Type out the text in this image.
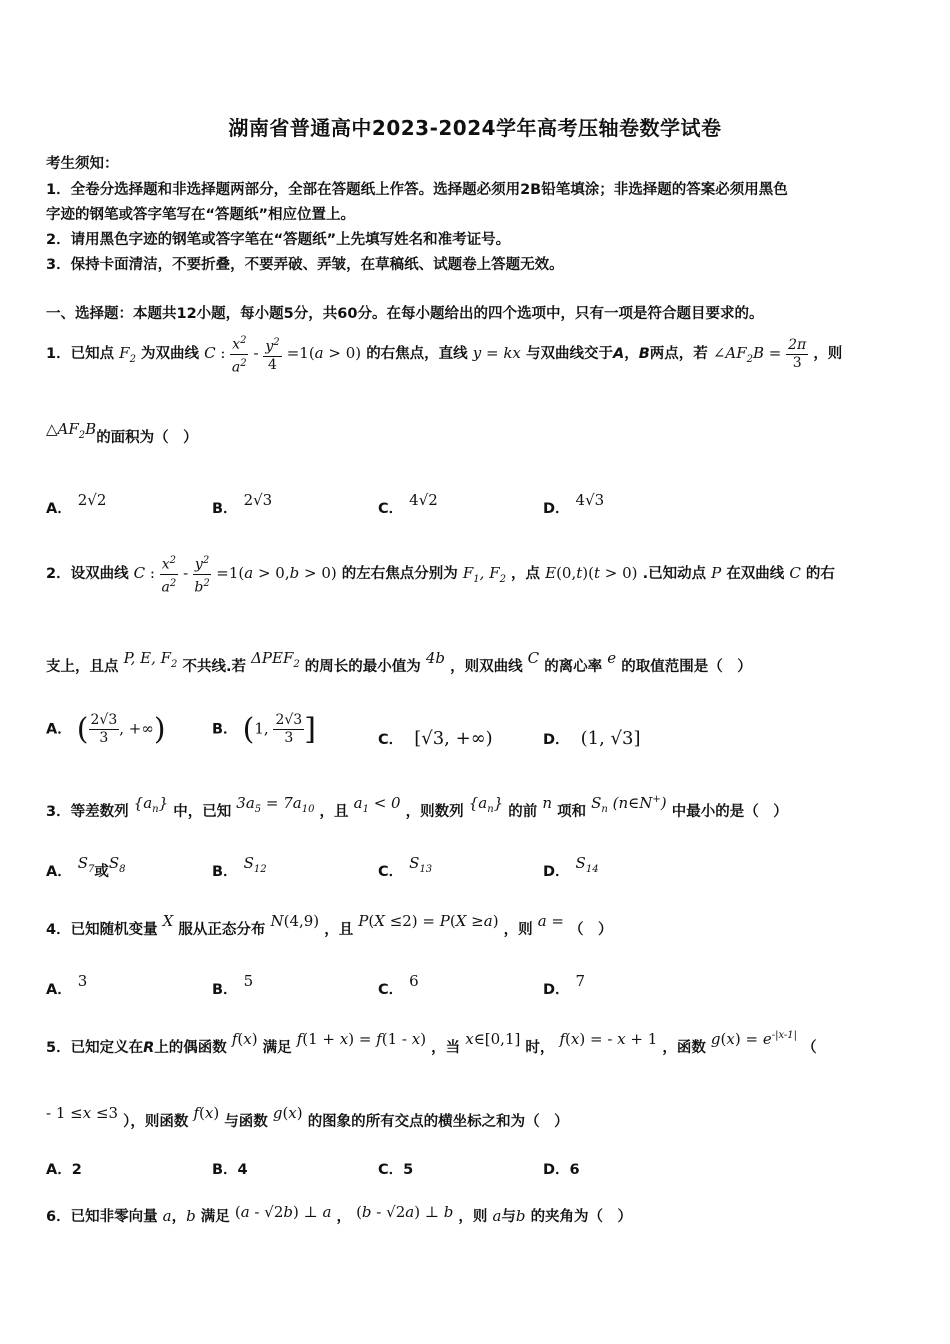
湖南省普通高中2023-2024学年高考压轴卷数学试卷
考生须知：
1．全卷分选择题和非选择题两部分，全部在答题纸上作答。选择题必须用2B铅笔填涂；非选择题的答案必须用黑色
字迹的钢笔或答字笔写在“答题纸”相应位置上。
2．请用黑色字迹的钢笔或答字笔在“答题纸”上先填写姓名和准考证号。
3．保持卡面清洁，不要折叠，不要弄破、弄皱，在草稿纸、试题卷上答题无效。
一、选择题：本题共12小题，每小题5分，共60分。在每小题给出的四个选项中，只有一项是符合题目要求的。
1．已知点 $F_2$ 为双曲线 C : $\frac{x^2}{a^2} - \frac{y^2}{4} =1(a > 0)$ 的右焦点，直线 y = kx 与双曲线交于A，B两点，若 $\angle AF_2B = \frac{2\pi}{3}$ ，则
$\triangle AF_2B$的面积为（　）
A． 2√2	B． 2√3	C． 4√2	D． 4√3
2．设双曲线 C : $\frac{x^2}{a^2} - \frac{y^2}{b^2} =1(a > 0,b > 0)$ 的左右焦点分别为 $F_1$, $F_2$ ，点 E(0,t)(t > 0) .已知动点 P 在双曲线 C 的右
支上，且点 P, E, $F_2$ 不共线.若 $\Delta PEF_2$ 的周长的最小值为 4b ，则双曲线 C 的离心率 e 的取值范围是（　）
A． ( $\frac{2√3}{3}$ , +∞)	B． (1, $\frac{2√3}{3}$ ]	C． [√3, +∞)	D． (1, √3]
3．等差数列 $\{a_n\}$ 中，已知 $3a_5 = 7a_{10}$ ，且 $a_1 < 0$ ，则数列 $\{a_n\}$ 的前 n 项和 $S_n$ (n∈N+) 中最小的是（　）
A． $S_7$或$S_8$	B． $S_{12}$	C． $S_{13}$	D． $S_{14}$
4．已知随机变量 X 服从正态分布 N(4,9) ，且 P(X ≤2) = P(X ≥a) ，则 a = （　）
A． 3	B． 5	C． 6	D． 7
5．已知定义在R上的偶函数 f(x) 满足 f(1 + x) = f(1 - x) ，当 x∈[0,1] 时， f(x) = - x + 1 ，函数 $g(x) = e^{-|x-1|}$ （
- 1 ≤x ≤3 ），则函数 f(x) 与函数 g(x) 的图象的所有交点的横坐标之和为（　）
A．2	B．4	C．5	D．6
6．已知非零向量 a，b 满足 (a - √2b) ⊥ a ， (b - √2a) ⊥ b ，则 a与b 的夹角为（　）
